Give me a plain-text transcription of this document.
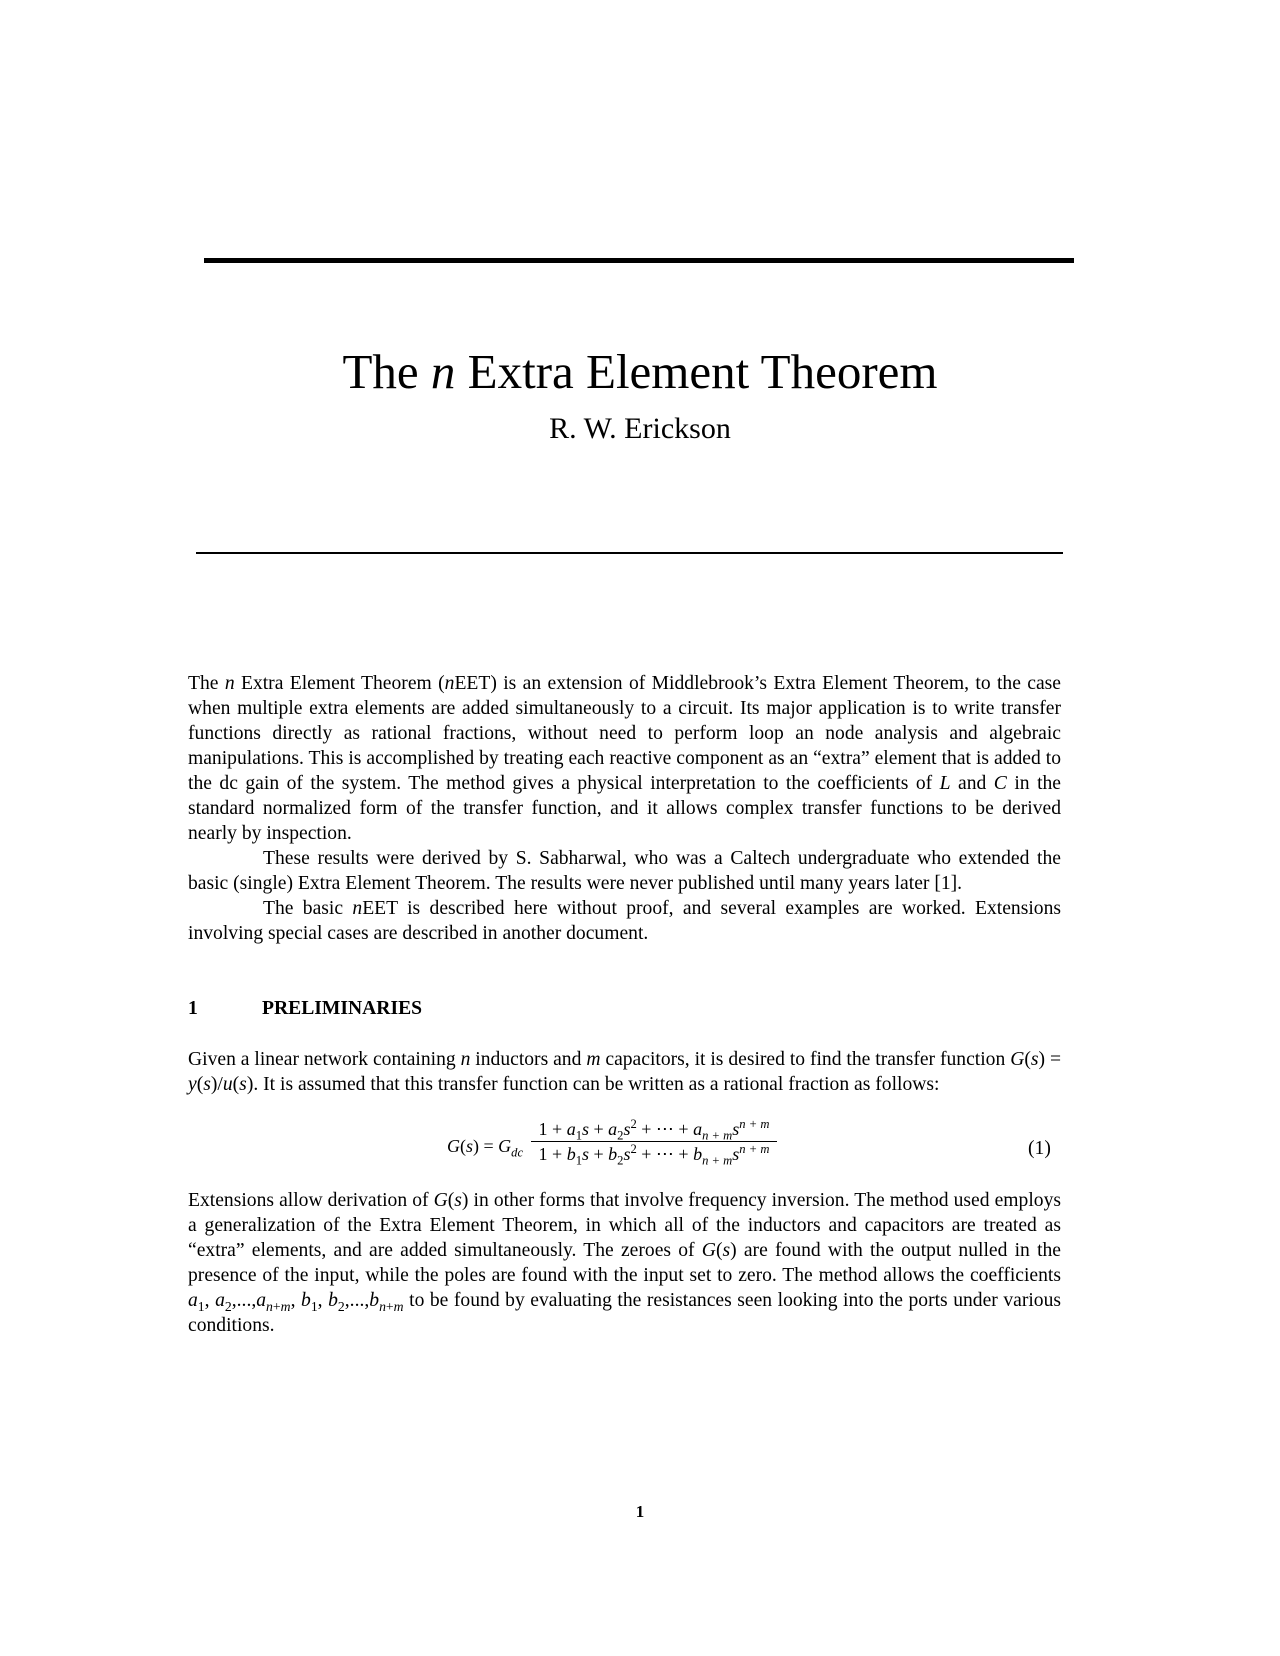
The n Extra Element Theorem
R. W. Erickson

The n Extra Element Theorem (nEET) is an extension of Middlebrook’s Extra Element Theorem, to the case when multiple extra elements are added simultaneously to a circuit. Its major application is to write transfer functions directly as rational fractions, without need to perform loop an node analysis and algebraic manipulations. This is accomplished by treating each reactive component as an “extra” element that is added to the dc gain of the system. The method gives a physical interpretation to the coefficients of L and C in the standard normalized form of the transfer function, and it allows complex transfer functions to be derived nearly by inspection.

These results were derived by S. Sabharwal, who was a Caltech undergraduate who extended the basic (single) Extra Element Theorem. The results were never published until many years later [1].

The basic nEET is described here without proof, and several examples are worked. Extensions involving special cases are described in another document.

1	PRELIMINARIES

Given a linear network containing n inductors and m capacitors, it is desired to find the transfer function G(s) = y(s)/u(s). It is assumed that this transfer function can be written as a rational fraction as follows:

$G(s) = G_{dc}$
$1 + a_1s + a_2s^2$ + ⋯ + $a_{n + m}s^{n + m}$
$1 + b_1s + b_2s^2$ + ⋯ + $b_{n + m}s^{n + m}$	(1)

Extensions allow derivation of G(s) in other forms that involve frequency inversion. The method used employs a generalization of the Extra Element Theorem, in which all of the inductors and capacitors are treated as “extra” elements, and are added simultaneously. The zeroes of G(s) are found with the output nulled in the presence of the input, while the poles are found with the input set to zero. The method allows the coefficients $a_1$, $a_2,...,a_{n+m}$, $b_1$, $b_2,...,b_{n+m}$ to be found by evaluating the resistances seen looking into the ports under various conditions.

1
